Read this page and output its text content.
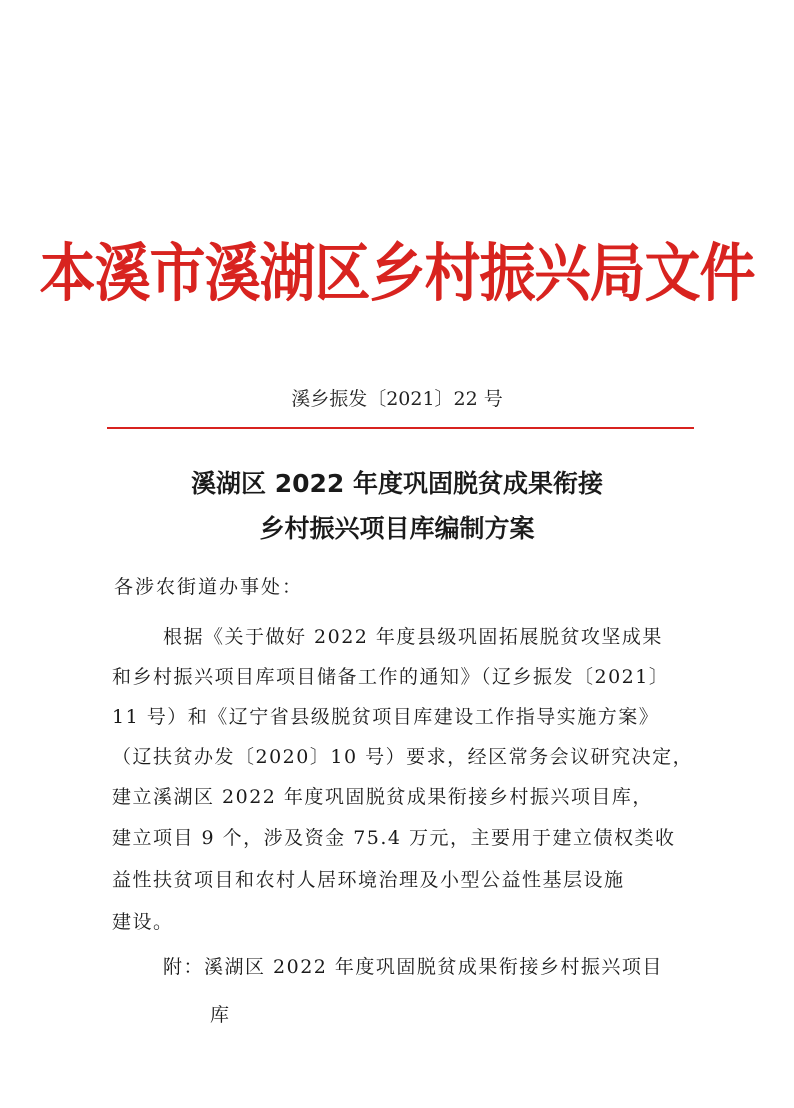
本溪市溪湖区乡村振兴局文件
溪乡振发〔2021〕22 号
溪湖区 2022 年度巩固脱贫成果衔接
乡村振兴项目库编制方案
各涉农街道办事处：
根据《关于做好 2022 年度县级巩固拓展脱贫攻坚成果
和乡村振兴项目库项目储备工作的通知》（辽乡振发〔2021〕
11 号）和《辽宁省县级脱贫项目库建设工作指导实施方案》
（辽扶贫办发〔2020〕10 号）要求，经区常务会议研究决定，
建立溪湖区 2022 年度巩固脱贫成果衔接乡村振兴项目库，
建立项目 9 个，涉及资金 75.4 万元，主要用于建立债权类收
益性扶贫项目和农村人居环境治理及小型公益性基层设施
建设。
附：溪湖区 2022 年度巩固脱贫成果衔接乡村振兴项目
库
